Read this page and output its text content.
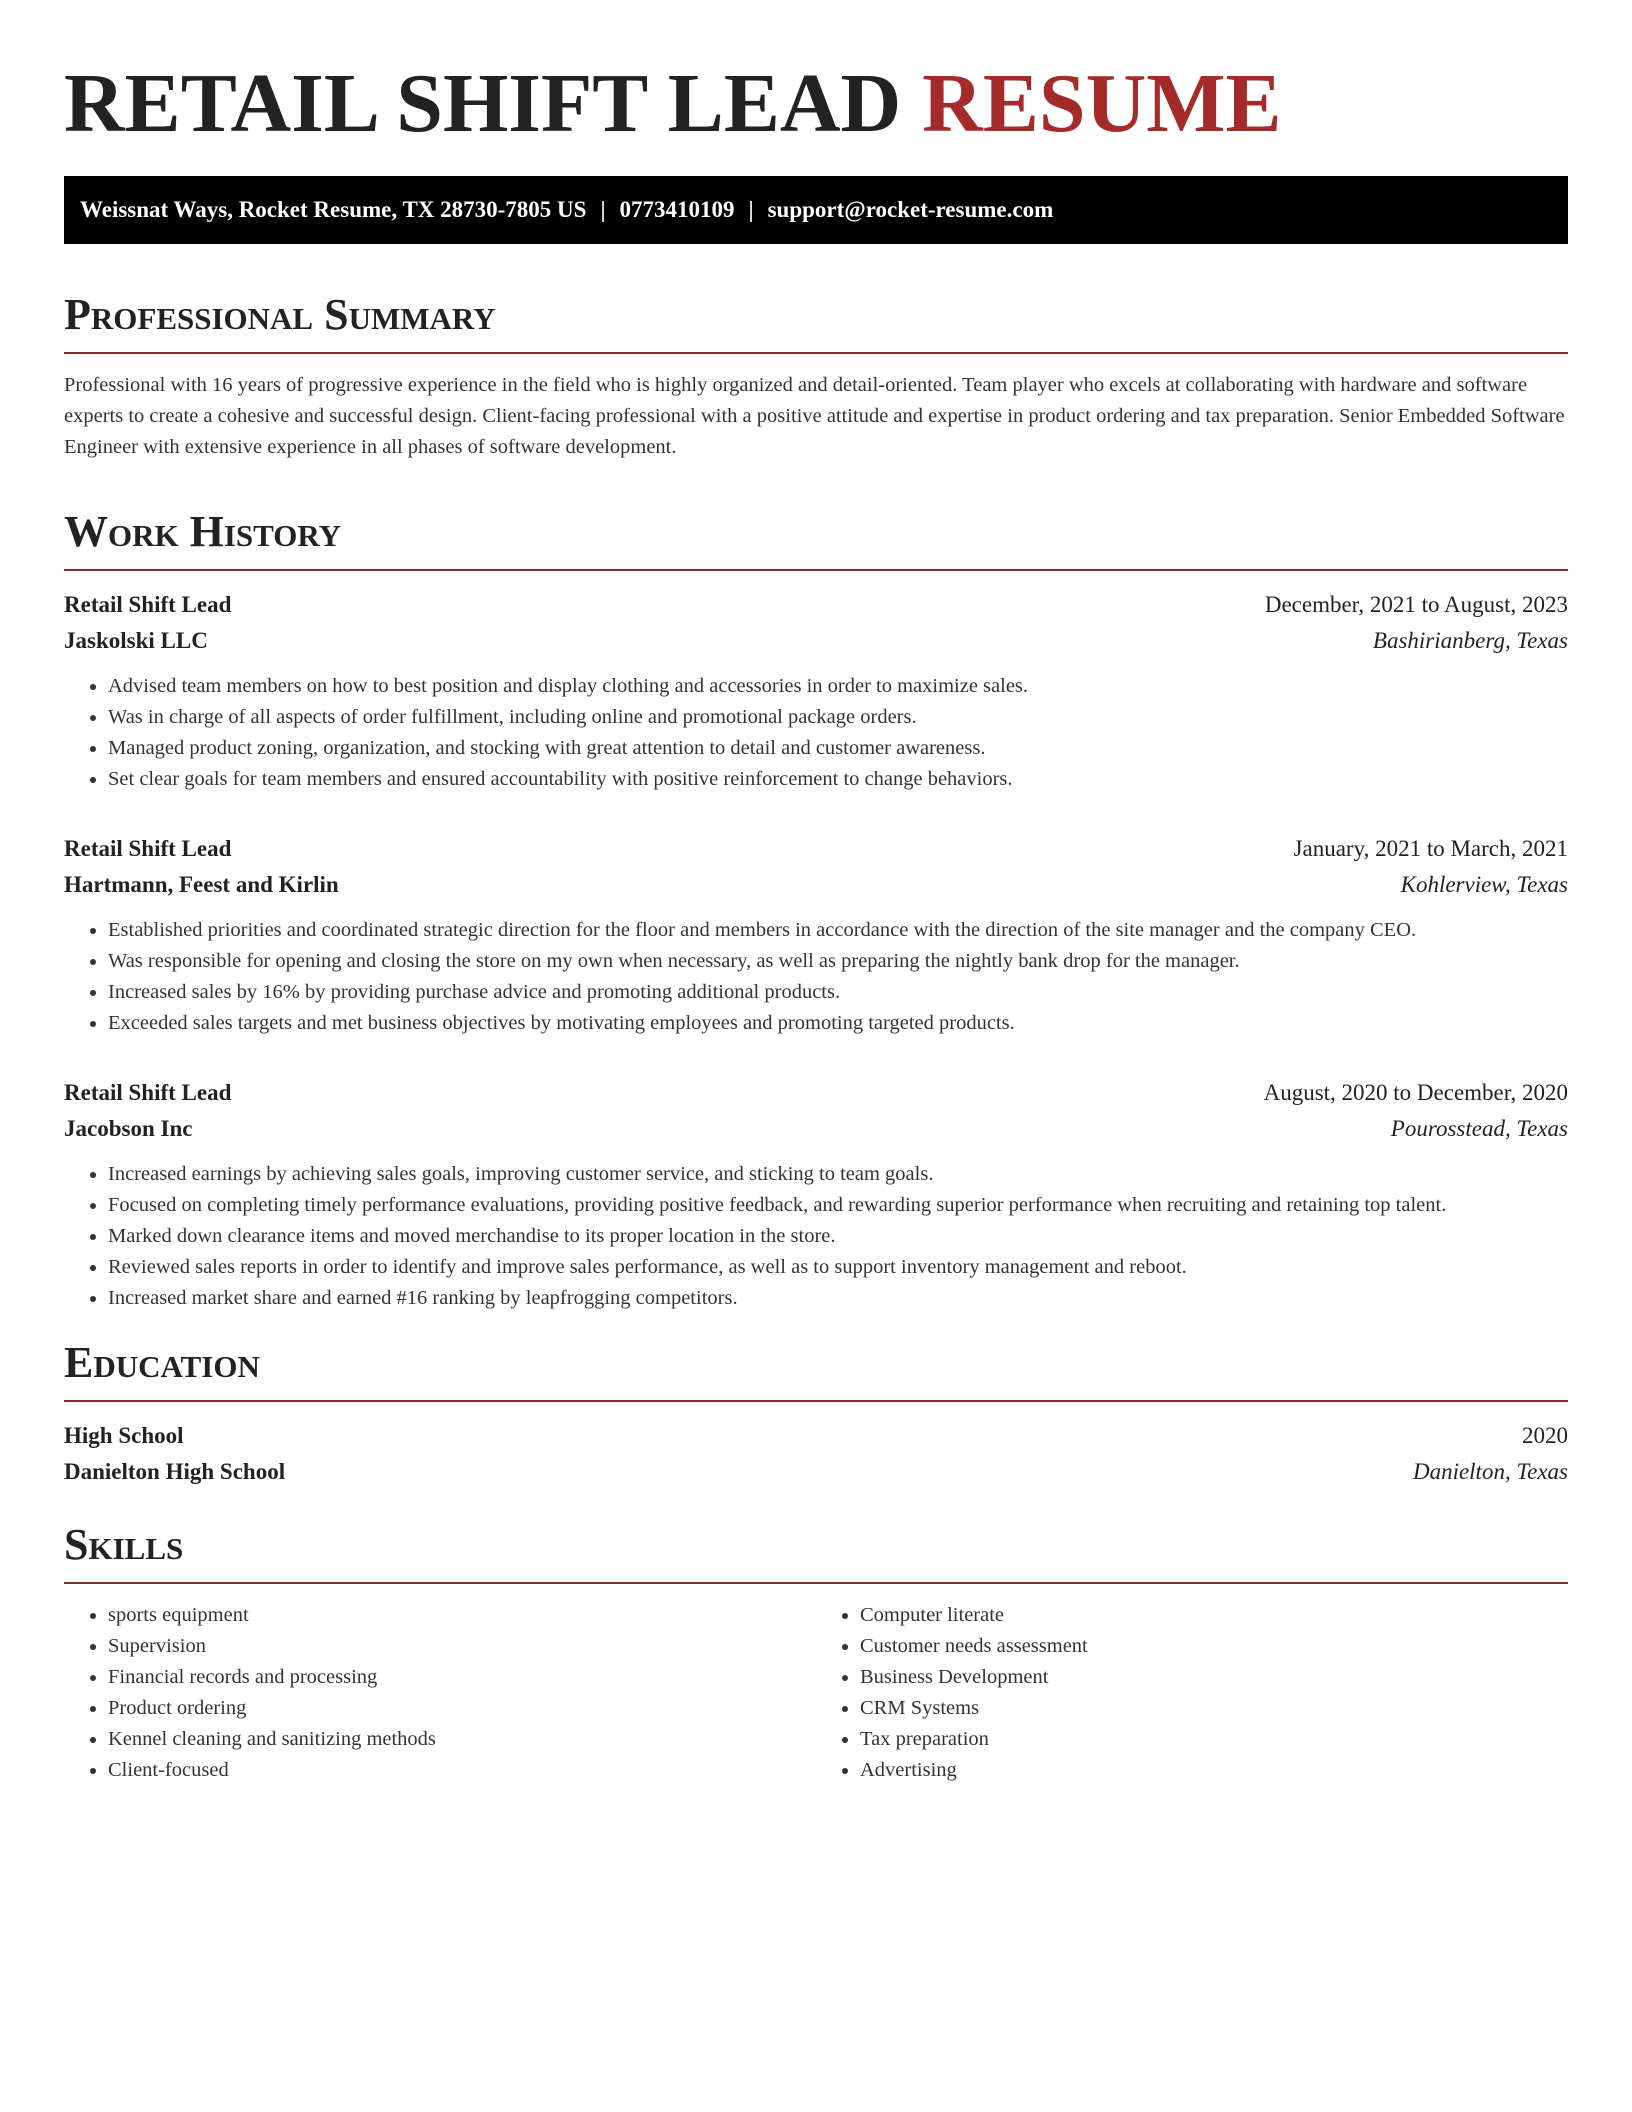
RETAIL SHIFT LEAD RESUME
Weissnat Ways, Rocket Resume, TX 28730-7805 US | 0773410109 | support@rocket-resume.com
Professional Summary

Professional with 16 years of progressive experience in the field who is highly organized and detail-oriented. Team player who excels at collaborating with hardware and software experts to create a cohesive and successful design. Client-facing professional with a positive attitude and expertise in product ordering and tax preparation. Senior Embedded Software Engineer with extensive experience in all phases of software development.

Work History
Retail Shift Lead	December, 2021 to August, 2023
Jaskolski LLC	Bashirianberg, Texas
• Advised team members on how to best position and display clothing and accessories in order to maximize sales.
• Was in charge of all aspects of order fulfillment, including online and promotional package orders.
• Managed product zoning, organization, and stocking with great attention to detail and customer awareness.
• Set clear goals for team members and ensured accountability with positive reinforcement to change behaviors.
Retail Shift Lead	January, 2021 to March, 2021
Hartmann, Feest and Kirlin	Kohlerview, Texas
• Established priorities and coordinated strategic direction for the floor and members in accordance with the direction of the site manager and the company CEO.
• Was responsible for opening and closing the store on my own when necessary, as well as preparing the nightly bank drop for the manager.
• Increased sales by 16% by providing purchase advice and promoting additional products.
• Exceeded sales targets and met business objectives by motivating employees and promoting targeted products.
Retail Shift Lead	August, 2020 to December, 2020
Jacobson Inc	Pourosstead, Texas
• Increased earnings by achieving sales goals, improving customer service, and sticking to team goals.
• Focused on completing timely performance evaluations, providing positive feedback, and rewarding superior performance when recruiting and retaining top talent.
• Marked down clearance items and moved merchandise to its proper location in the store.
• Reviewed sales reports in order to identify and improve sales performance, as well as to support inventory management and reboot.
• Increased market share and earned #16 ranking by leapfrogging competitors.
Education
High School	2020
Danielton High School	Danielton, Texas
Skills
• sports equipment
• Supervision
• Financial records and processing
• Product ordering
• Kennel cleaning and sanitizing methods
• Client-focused
• Computer literate
• Customer needs assessment
• Business Development
• CRM Systems
• Tax preparation
• Advertising
